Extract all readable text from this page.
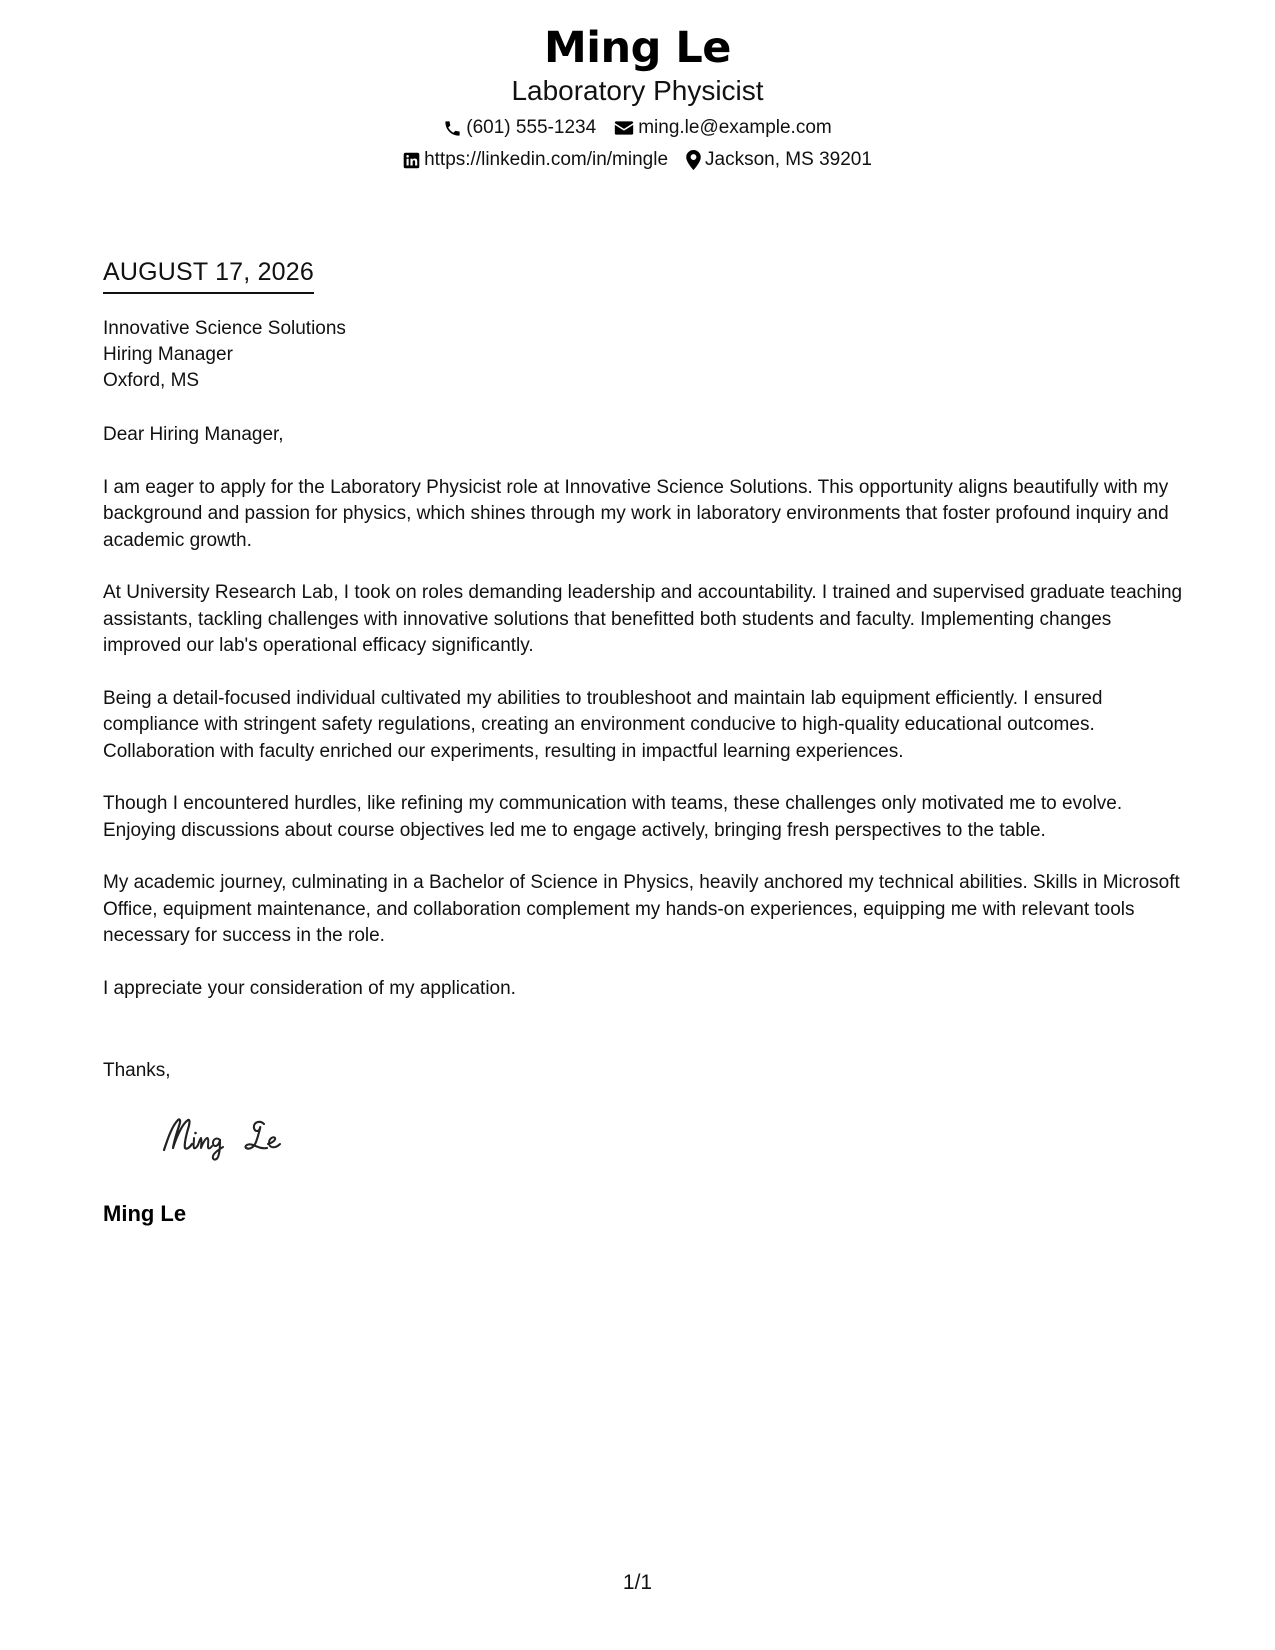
Ming Le
Laboratory Physicist
(601) 555-1234 ming.le@example.com
https://linkedin.com/in/mingle Jackson, MS 39201
AUGUST 17, 2026
Innovative Science Solutions
Hiring Manager
Oxford, MS

Dear Hiring Manager,

I am eager to apply for the Laboratory Physicist role at Innovative Science Solutions. This opportunity aligns beautifully with my background and passion for physics, which shines through my work in laboratory environments that foster profound inquiry and academic growth.

At University Research Lab, I took on roles demanding leadership and accountability. I trained and supervised graduate teaching assistants, tackling challenges with innovative solutions that benefitted both students and faculty. Implementing changes improved our lab's operational efficacy significantly.

Being a detail-focused individual cultivated my abilities to troubleshoot and maintain lab equipment efficiently. I ensured compliance with stringent safety regulations, creating an environment conducive to high-quality educational outcomes. Collaboration with faculty enriched our experiments, resulting in impactful learning experiences.

Though I encountered hurdles, like refining my communication with teams, these challenges only motivated me to evolve. Enjoying discussions about course objectives led me to engage actively, bringing fresh perspectives to the table.

My academic journey, culminating in a Bachelor of Science in Physics, heavily anchored my technical abilities. Skills in Microsoft Office, equipment maintenance, and collaboration complement my hands-on experiences, equipping me with relevant tools necessary for success in the role.

I appreciate your consideration of my application.

Thanks,
Ming Le
1/1
